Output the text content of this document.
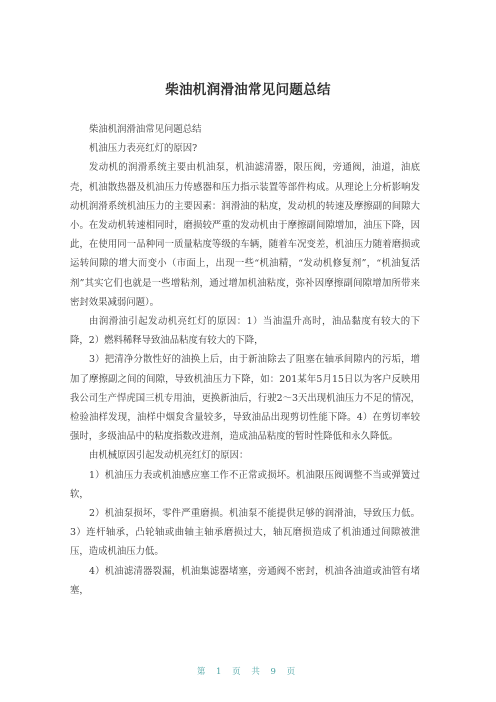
柴油机润滑油常见问题总结

柴油机润滑油常见问题总结

机油压力表亮红灯的原因?

发动机的润滑系统主要由机油泵，机油滤清器，限压阀，旁通阀，油道，油底壳，机油散热器及机油压力传感器和压力指示装置等部件构成。从理论上分析影响发动机润滑系统机油压力的主要因素：润滑油的粘度，发动机的转速及摩擦副的间隙大小。在发动机转速相同时，磨损较严重的发动机由于摩擦副间隙增加，油压下降，因此，在使用同一品种同一质量粘度等级的车辆，随着车况变差，机油压力随着磨损或运转间隙的增大而变小（市面上，出现一些“机油精，“发动机修复剂”，“机油复活剂”其实它们也就是一些增粘剂，通过增加机油粘度，弥补因摩擦副间隙增加所带来密封效果减弱问题）。

由润滑油引起发动机亮红灯的原因：1）当油温升高时，油品黏度有较大的下降，2）燃料稀释导致油品粘度有较大的下降，

3）把清净分散性好的油换上后，由于新油除去了阻塞在轴承间隙内的污垢，增加了摩擦副之间的间隙，导致机油压力下降，如：201某年5月15日以为客户反映用我公司生产悍虎国三机专用油，更换新油后，行驶2～3天出现机油压力不足的情况，检验油样发现，油样中烟炱含量较多，导致油品出现剪切性能下降。4）在剪切率较强时，多级油品中的粘度指数改进剂，造成油品粘度的暂时性降低和永久降低。

由机械原因引起发动机亮红灯的原因：

1）机油压力表或机油感应塞工作不正常或损坏。机油限压阀调整不当或弹簧过软，

2）机油泵损坏，零件严重磨损。机油泵不能提供足够的润滑油，导致压力低。3）连杆轴承，凸轮轴或曲轴主轴承磨损过大，轴瓦磨损造成了机油通过间隙被泄压，造成机油压力低。

4）机油滤清器裂漏，机油集滤器堵塞，旁通阀不密封，机油各油道或油管有堵塞，

第 1 页 共 9 页
